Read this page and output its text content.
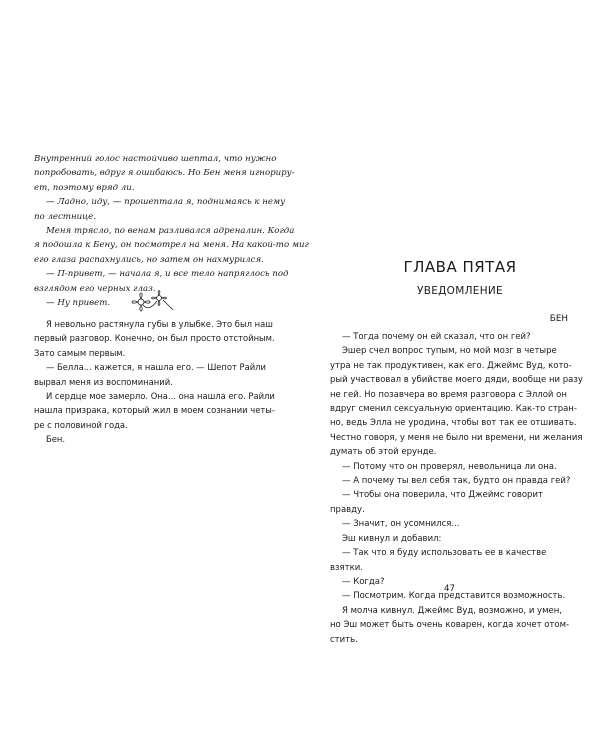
Внутренний голос настойчиво шептал, что нужно

попробовать, вдруг я ошибаюсь. Но Бен меня игнориру-

ет, поэтому вряд ли.

— Ладно, иду, — прошептала я, поднимаясь к нему

по лестнице.

Меня трясло, по венам разливался адреналин. Когда

я подошла к Бену, он посмотрел на меня. На какой-то миг

его глаза распахнулись, но затем он нахмурился.

— П-привет, — начала я, и все тело напряглось под

взглядом его черных глаз.

— Ну привет.

Я невольно растянула губы в улыбке. Это был наш

первый разговор. Конечно, он был просто отстойным.

Зато самым первым.

— Белла... кажется, я нашла его. — Шепот Райли

вырвал меня из воспоминаний.

И сердце мое замерло. Она... она нашла его. Райли

нашла призрака, который жил в моем сознании четы-

ре с половиной года.

Бен.

ГЛАВА ПЯТАЯ
УВЕДОМЛЕНИЕ
БЕН

— Тогда почему он ей сказал, что он гей?

Эшер счел вопрос тупым, но мой мозг в четыре

утра не так продуктивен, как его. Джеймс Вуд, кото-

рый участвовал в убийстве моего дяди, вообще ни разу

не гей. Но позавчера во время разговора с Эллой он

вдруг сменил сексуальную ориентацию. Как-то стран-

но, ведь Элла не уродина, чтобы вот так ее отшивать.

Честно говоря, у меня не было ни времени, ни желания

думать об этой ерунде.

— Потому что он проверял, невольница ли она.

— А почему ты вел себя так, будто он правда гей?

— Чтобы она поверила, что Джеймс говорит

правду.

— Значит, он усомнился...

Эш кивнул и добавил:

— Так что я буду использовать ее в качестве

взятки.

— Когда?

— Посмотрим. Когда представится возможность.

Я молча кивнул. Джеймс Вуд, возможно, и умен,

но Эш может быть очень коварен, когда хочет отом-

стить.

47
